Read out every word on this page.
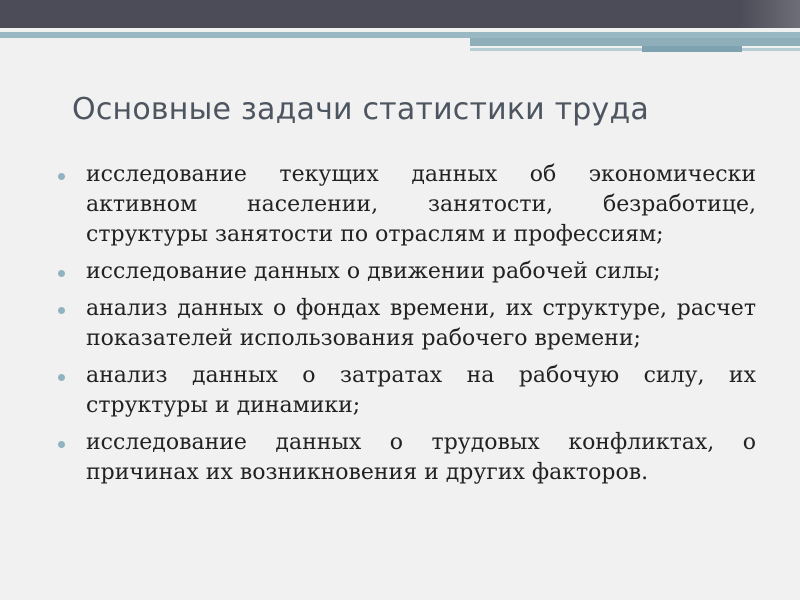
Основные задачи статистики труда
исследование текущих данных об экономически активном населении, занятости, безработице, структуры занятости по отраслям и профессиям;
исследование данных о движении рабочей силы;
анализ данных о фондах времени, их структуре, расчет показателей использования рабочего времени;
анализ данных о затратах на рабочую силу, их структуры и динамики;
исследование данных о трудовых конфликтах, о причинах их возникновения и других факторов.
